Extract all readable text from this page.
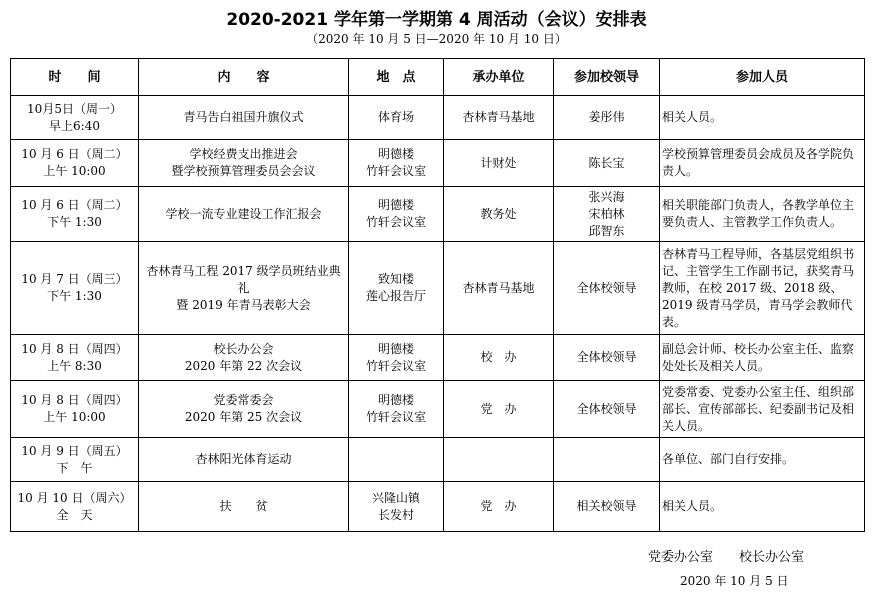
2020-2021 学年第一学期第 4 周活动（会议）安排表
（2020 年 10 月 5 日—2020 年 10 月 10 日）
时　　间	内　　容	地　点	承办单位	参加校领导	参加人员

10月5日（周一）
早上6:40	青马告白祖国升旗仪式	体育场	杏林青马基地	姜彤伟	相关人员。

10 月 6 日（周二）
上午 10:00	学校经费支出推进会
暨学校预算管理委员会会议	明德楼
竹轩会议室	计财处	陈长宝	学校预算管理委员会成员及各学院负责人。

10 月 6 日（周二）
下午 1:30	学校一流专业建设工作汇报会	明德楼
竹轩会议室	教务处	张兴海
宋柏林
邱智东	相关职能部门负责人，各教学单位主要负责人、主管教学工作负责人。

10 月 7 日（周三）
下午 1:30	杏林青马工程 2017 级学员班结业典礼
暨 2019 年青马表彰大会	致知楼
莲心报告厅	杏林青马基地	全体校领导	杏林青马工程导师，各基层党组织书记、主管学生工作副书记，获奖青马教师，在校 2017 级、2018 级、2019 级青马学员，青马学会教师代表。

10 月 8 日（周四）
上午 8:30	校长办公会
2020 年第 22 次会议	明德楼
竹轩会议室	校　办	全体校领导	副总会计师、校长办公室主任、监察处处长及相关人员。

10 月 8 日（周四）
上午 10:00	党委常委会
2020 年第 25 次会议	明德楼
竹轩会议室	党　办	全体校领导	党委常委、党委办公室主任、组织部部长、宣传部部长、纪委副书记及相关人员。

10 月 9 日（周五）
下　午	杏林阳光体育运动				各单位、部门自行安排。

10 月 10 日（周六）
全　天	扶　　贫	兴隆山镇
长发村	党　办	相关校领导	相关人员。
党委办公室　　校长办公室
2020 年 10 月 5 日
